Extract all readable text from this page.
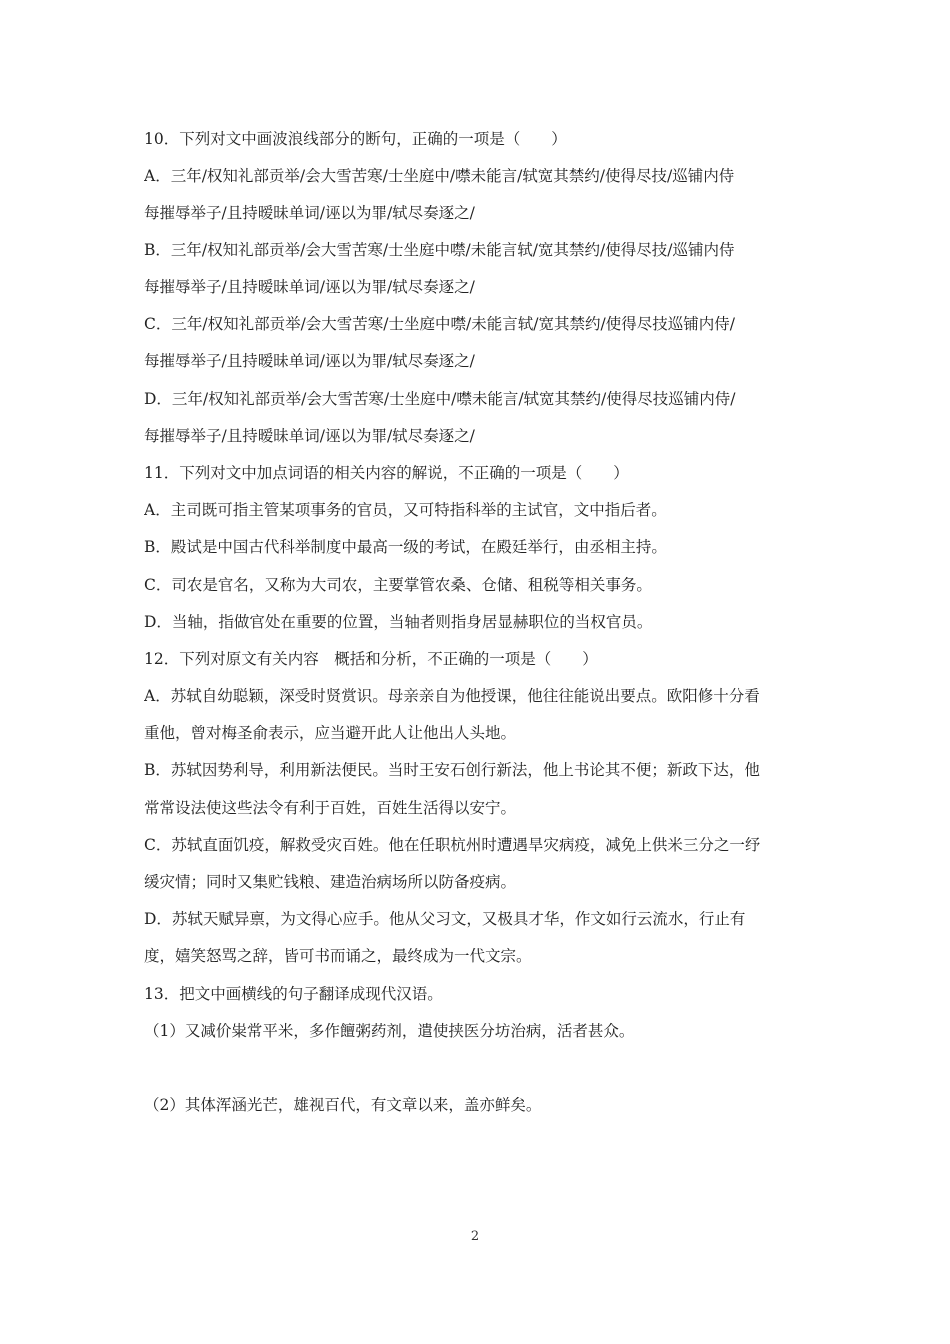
10．下列对文中画波浪线部分的断句，正确的一项是（　　）
A．三年/权知礼部贡举/会大雪苦寒/士坐庭中/噤未能言/轼宽其禁约/使得尽技/巡铺内侍
每摧辱举子/且持暧昧单词/诬以为罪/轼尽奏逐之/
B．三年/权知礼部贡举/会大雪苦寒/士坐庭中噤/未能言轼/宽其禁约/使得尽技/巡铺内侍
每摧辱举子/且持暧昧单词/诬以为罪/轼尽奏逐之/
C．三年/权知礼部贡举/会大雪苦寒/士坐庭中噤/未能言轼/宽其禁约/使得尽技巡铺内侍/
每摧辱举子/且持暧昧单词/诬以为罪/轼尽奏逐之/
D．三年/权知礼部贡举/会大雪苦寒/士坐庭中/噤未能言/轼宽其禁约/使得尽技巡铺内侍/
每摧辱举子/且持暧昧单词/诬以为罪/轼尽奏逐之/
11．下列对文中加点词语的相关内容的解说，不正确的一项是（　　）
A．主司既可指主管某项事务的官员，又可特指科举的主试官，文中指后者。
B．殿试是中国古代科举制度中最高一级的考试，在殿廷举行，由丞相主持。
C．司农是官名，又称为大司农，主要掌管农桑、仓储、租税等相关事务。
D．当轴，指做官处在重要的位置，当轴者则指身居显赫职位的当权官员。
12．下列对原文有关内容　概括和分析，不正确的一项是（　　）
A．苏轼自幼聪颖，深受时贤赏识。母亲亲自为他授课，他往往能说出要点。欧阳修十分看
重他，曾对梅圣俞表示，应当避开此人让他出人头地。
B．苏轼因势利导，利用新法便民。当时王安石创行新法，他上书论其不便；新政下达，他
常常设法使这些法令有利于百姓，百姓生活得以安宁。
C．苏轼直面饥疫，解救受灾百姓。他在任职杭州时遭遇旱灾病疫，减免上供米三分之一纾
缓灾情；同时又集贮钱粮、建造治病场所以防备疫病。
D．苏轼天赋异禀，为文得心应手。他从父习文，又极具才华，作文如行云流水，行止有
度，嬉笑怒骂之辞，皆可书而诵之，最终成为一代文宗。
13．把文中画横线的句子翻译成现代汉语。
（1）又减价粜常平米，多作饘粥药剂，遣使挟医分坊治病，活者甚众。
（2）其体浑涵光芒，雄视百代，有文章以来，盖亦鲜矣。
2
